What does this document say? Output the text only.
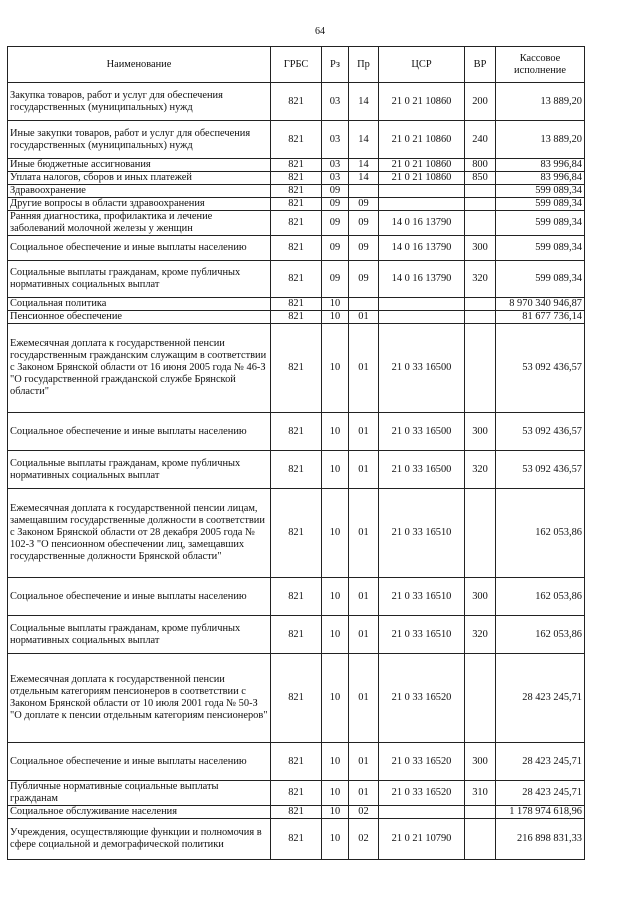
64
Наименование	ГРБС	Рз	Пр	ЦСР	ВР	Кассовое исполнение
Закупка товаров, работ и услуг для обеспечения государственных (муниципальных) нужд	821	03	14	21 0 21 10860	200	13 889,20
Иные закупки товаров, работ и услуг для обеспечения государственных (муниципальных) нужд	821	03	14	21 0 21 10860	240	13 889,20
Иные бюджетные ассигнования	821	03	14	21 0 21 10860	800	83 996,84
Уплата налогов, сборов и иных платежей	821	03	14	21 0 21 10860	850	83 996,84
Здравоохранение	821	09				599 089,34
Другие вопросы в области здравоохранения	821	09	09			599 089,34
Ранняя диагностика, профилактика и лечение заболеваний молочной железы у женщин	821	09	09	14 0 16 13790		599 089,34
Социальное обеспечение и иные выплаты населению	821	09	09	14 0 16 13790	300	599 089,34
Социальные выплаты гражданам, кроме публичных нормативных социальных выплат	821	09	09	14 0 16 13790	320	599 089,34
Социальная политика	821	10				8 970 340 946,87
Пенсионное обеспечение	821	10	01			81 677 736,14
Ежемесячная доплата к государственной пенсии государственным гражданским служащим в соответствии с Законом Брянской области от 16 июня 2005 года № 46-З "О государственной гражданской службе Брянской области"	821	10	01	21 0 33 16500		53 092 436,57
Социальное обеспечение и иные выплаты населению	821	10	01	21 0 33 16500	300	53 092 436,57
Социальные выплаты гражданам, кроме публичных нормативных социальных выплат	821	10	01	21 0 33 16500	320	53 092 436,57
Ежемесячная доплата к государственной пенсии лицам, замещавшим государственные должности в соответствии с Законом Брянской области от 28 декабря 2005 года № 102-З "О пенсионном обеспечении лиц, замещавших государственные должности Брянской области"	821	10	01	21 0 33 16510		162 053,86
Социальное обеспечение и иные выплаты населению	821	10	01	21 0 33 16510	300	162 053,86
Социальные выплаты гражданам, кроме публичных нормативных социальных выплат	821	10	01	21 0 33 16510	320	162 053,86
Ежемесячная доплата к государственной пенсии отдельным категориям пенсионеров в соответствии с Законом Брянской области от 10 июля 2001 года № 50-З "О доплате к пенсии отдельным категориям пенсионеров"	821	10	01	21 0 33 16520		28 423 245,71
Социальное обеспечение и иные выплаты населению	821	10	01	21 0 33 16520	300	28 423 245,71
Публичные нормативные социальные выплаты гражданам	821	10	01	21 0 33 16520	310	28 423 245,71
Социальное обслуживание населения	821	10	02			1 178 974 618,96
Учреждения, осуществляющие функции и полномочия в сфере социальной и демографической политики	821	10	02	21 0 21 10790		216 898 831,33
